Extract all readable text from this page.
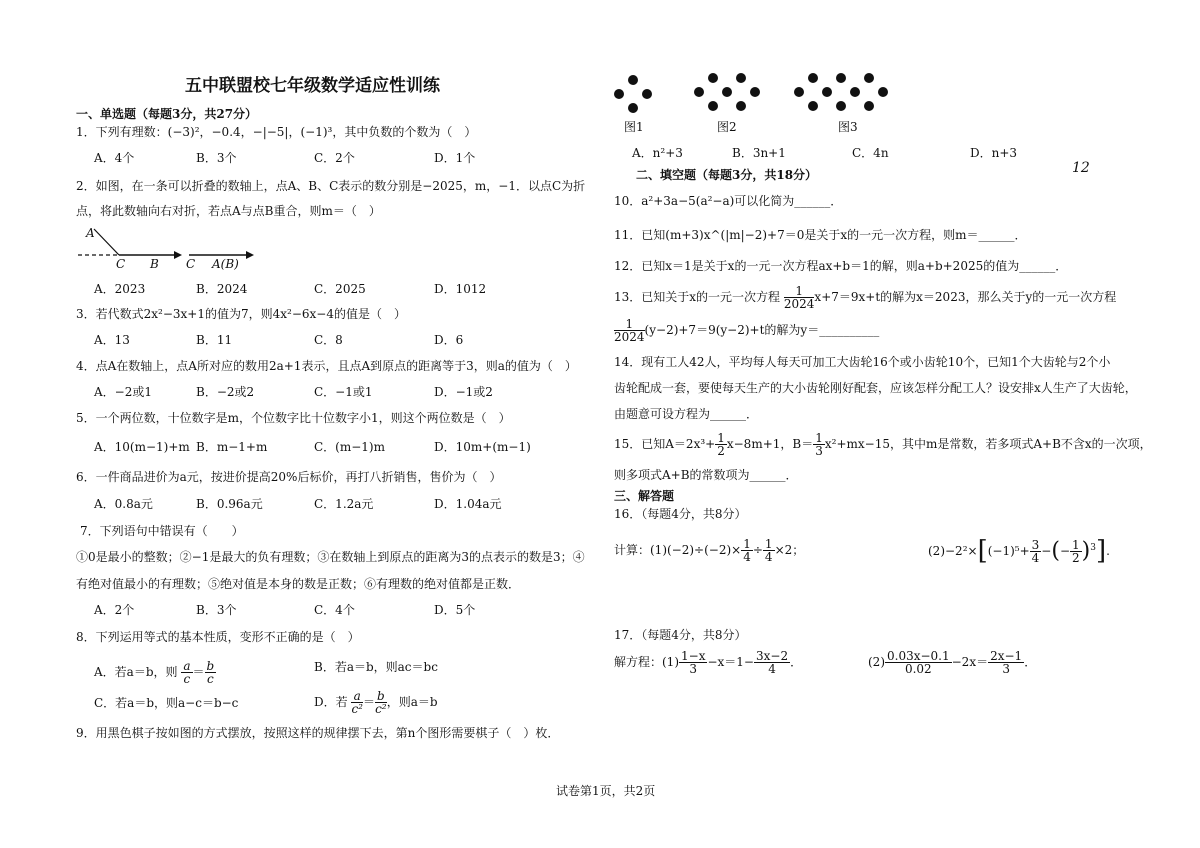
五中联盟校七年级数学适应性训练
一、单选题（每题3分，共27分）
1．下列有理数：(−3)²，−0.4，−|−5|，(−1)³，其中负数的个数为（　）
A．4个	B．3个	C．2个	D．1个
2．如图，在一条可以折叠的数轴上，点A、B、C表示的数分别是−2025，m，−1．以点C为折
点，将此数轴向右对折，若点A与点B重合，则m＝（　）
A
C B C A(B)
A．2023	B．2024	C．2025	D．1012
3．若代数式2x²−3x+1的值为7，则4x²−6x−4的值是（　）
A．13	B．11	C．8	D．6
4．点A在数轴上，点A所对应的数用2a+1表示，且点A到原点的距离等于3，则a的值为（　）
A．−2或1	B．−2或2	C．−1或1	D．−1或2
5．一个两位数，十位数字是m，个位数字比十位数字小1，则这个两位数是（　）
A．10(m−1)+m B．m−1+m	C．(m−1)m	D．10m+(m−1)
6．一件商品进价为a元，按进价提高20%后标价，再打八折销售，售价为（　）
A．0.8a元	B．0.96a元	C．1.2a元	D．1.04a元
7．下列语句中错误有（　　）
①0是最小的整数；②−1是最大的负有理数；③在数轴上到原点的距离为3的点表示的数是3；④
有绝对值最小的有理数；⑤绝对值是本身的数是正数；⑥有理数的绝对值都是正数．
A．2个	B．3个	C．4个	D．5个
8．下列运用等式的基本性质，变形不正确的是（　）
A．若a＝b，则 $\frac{a}{c} = \frac{b}{c}$	B．若a＝b，则ac＝bc
C．若a＝b，则a−c＝b−c	D．若 $\frac{a}{\text{c²}} = \frac{b}{\text{c²}}$ ，则a＝b
9．用黑色棋子按如图的方式摆放，按照这样的规律摆下去，第n个图形需要棋子（　）枚．
图1	图2	图3
A．n²+3	B．3n+1	C．4n	D．n+3
12
二、填空题（每题3分，共18分）
10．a²+3a−5(a²−a)可以化简为______．
11．已知(m+3)x^(|m|−2)+7＝0是关于x的一元一次方程，则m＝______．
12．已知x＝1是关于x的一元一次方程ax+b＝1的解，则a+b+2025的值为______．
13．已知关于x的一元一次方程 $\frac{1}{2024} x+7=9x+t$的解为x＝2023，那么关于y的一元一次方程
$\frac{1}{2024} (y-2)+7=9(y-2)+t$的解为y＝__________
14．现有工人42人，平均每人每天可加工大齿轮16个或小齿轮10个，已知1个大齿轮与2个小
齿轮配成一套，要使每天生产的大小齿轮刚好配套，应该怎样分配工人？设安排x人生产了大齿轮，
由题意可设方程为______．
15．已知$A=2x^3+ \frac{1}{2} x-8m+1$，$B= \frac{1}{3} x^2+mx-15$，其中m是常数，若多项式A+B不含x的一次项，
则多项式A+B的常数项为______．
三、解答题
16．（每题4分，共8分）
计算：$(1)(-2)\div(-2)\times \frac{1}{4} \div \frac{1}{4} \times 2$；	$(2)-2^2\times[(-1)^5+ \frac{3}{4}$ −(− $\frac{1}{2} )^3$].
17．（每题4分，共8分）
解方程：$(1) \frac{1-x}{3} -x=1- \frac{3x-2}{4}$ ．	$(2) \frac{0.03x-0.1}{0.02} -2x= \frac{2x-1}{3}$ ．
试卷第1页，共2页
